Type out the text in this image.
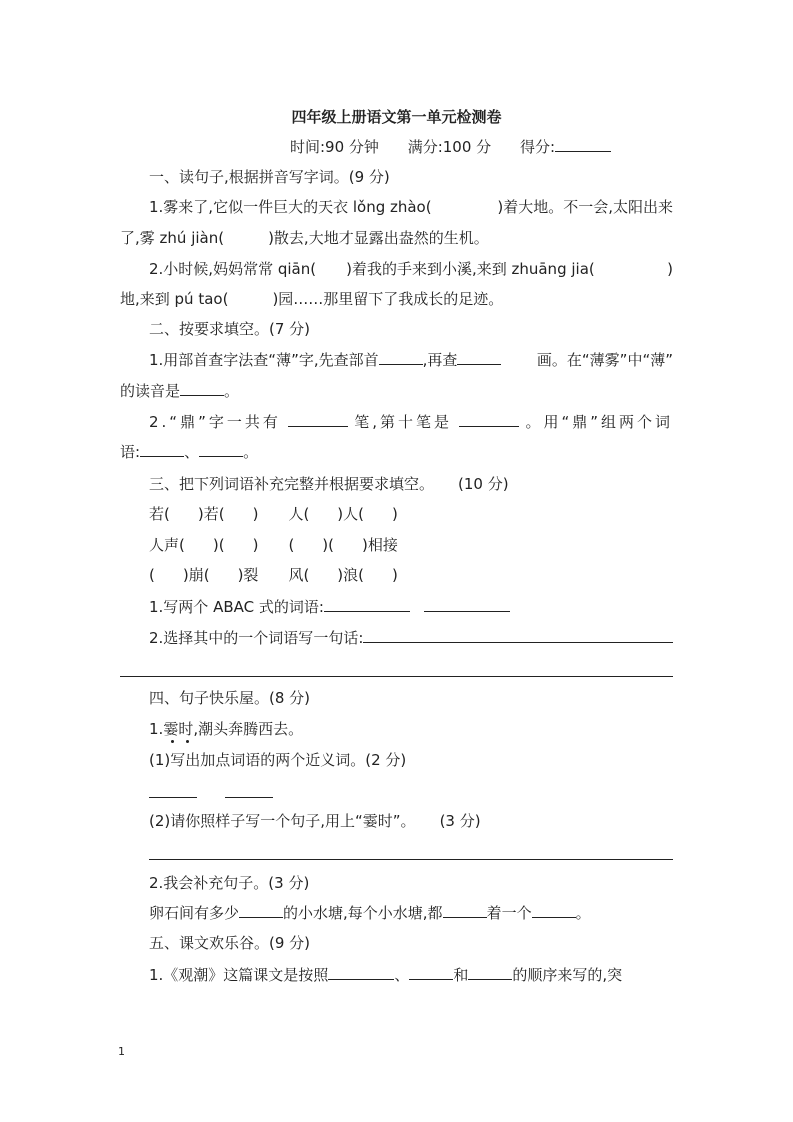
四年级上册语文第一单元检测卷
时间:90 分钟 满分:100 分 得分:
一、读句子,根据拼音写字词。(9 分)
1.雾来了,它似一件巨大的天衣 lǒng zhào(	)着大地。不一会,太阳出来
了,雾 zhú jiàn(	)散去,大地才显露出盎然的生机。
2.小时候,妈妈常常 qiān( )着我的手来到小溪,来到 zhuāng jia(	)
地,来到 pú tao(	)园……那里留下了我成长的足迹。
二、按要求填空。(7 分)
1.用部首查字法查“薄”字,先查部首	,再查	画。在“薄雾”中“薄”
的读音是	。
2.“鼎”字一共有	笔,第十笔是	。用“鼎”组两个词
语:	、	。
三、把下列词语补充完整并根据要求填空。 (10 分)
若( )若( ) 人( )人( )
人声( )( ) ( )( )相接
( )崩( )裂 风( )浪( )
1.写两个 ABAC 式的词语:
2.选择其中的一个词语写一句话:
四、句子快乐屋。(8 分)
1.霎时,潮头奔腾西去。
(1)写出加点词语的两个近义词。(2 分)
(2)请你照样子写一个句子,用上“霎时”。 (3 分)
2.我会补充句子。(3 分)
卵石间有多少	的小水塘,每个小水塘,都	着一个	。
五、课文欢乐谷。(9 分)
1.《观潮》这篇课文是按照	、	和	的顺序来写的,突
1
